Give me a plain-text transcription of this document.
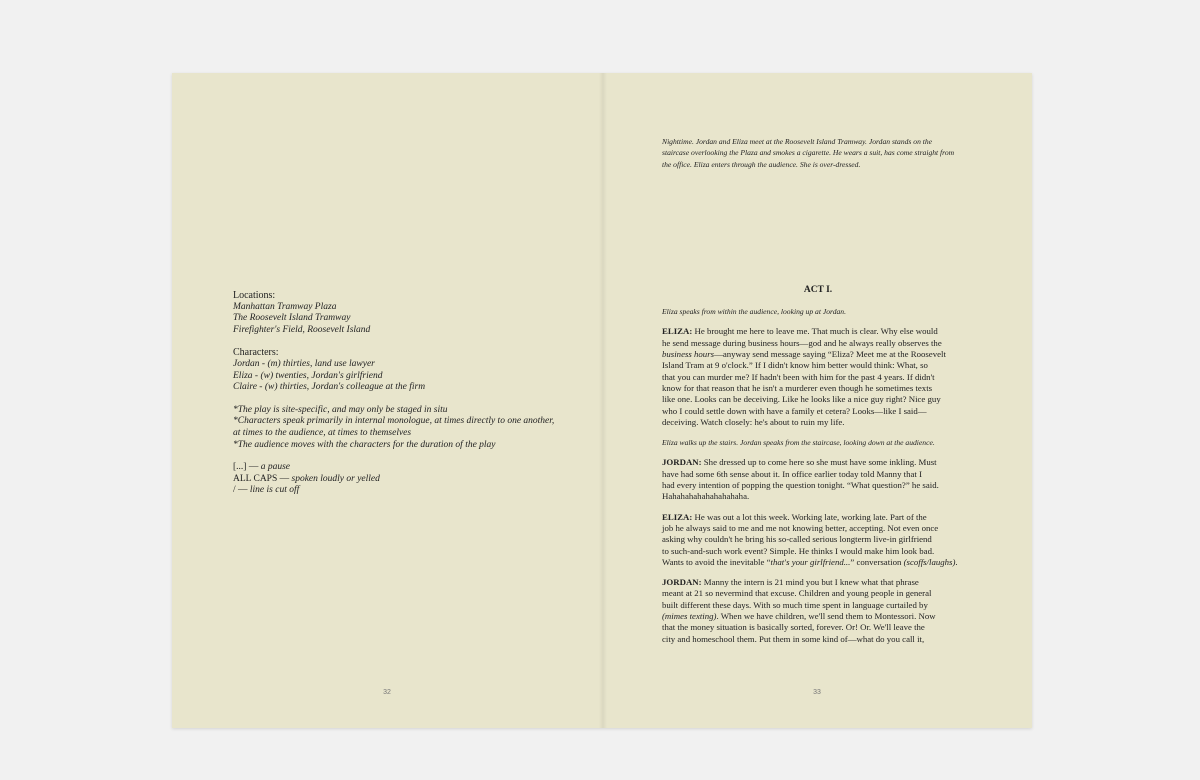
Locations:
Manhattan Tramway Plaza
The Roosevelt Island Tramway
Firefighter's Field, Roosevelt Island
Characters:
Jordan - (m) thirties, land use lawyer
Eliza - (w) twenties, Jordan's girlfriend
Claire - (w) thirties, Jordan's colleague at the firm
*The play is site-specific, and may only be staged in situ
*Characters speak primarily in internal monologue, at times directly to one another,
at times to the audience, at times to themselves
*The audience moves with the characters for the duration of the play
[...] — a pause
ALL CAPS — spoken loudly or yelled
/ — line is cut off
32
Nighttime. Jordan and Eliza meet at the Roosevelt Island Tramway. Jordan stands on the
staircase overlooking the Plaza and smokes a cigarette. He wears a suit, has come straight from
the office. Eliza enters through the audience. She is over-dressed.
ACT I.
Eliza speaks from within the audience, looking up at Jordan.
ELIZA: He brought me here to leave me. That much is clear. Why else would
he send message during business hours—god and he always really observes the
business hours—anyway send message saying “Eliza? Meet me at the Roosevelt
Island Tram at 9 o'clock.” If I didn't know him better would think: What, so
that you can murder me? If hadn't been with him for the past 4 years. If didn't
know for that reason that he isn't a murderer even though he sometimes texts
like one. Looks can be deceiving. Like he looks like a nice guy right? Nice guy
who I could settle down with have a family et cetera? Looks—like I said—
deceiving. Watch closely: he's about to ruin my life.
Eliza walks up the stairs. Jordan speaks from the staircase, looking down at the audience.
JORDAN: She dressed up to come here so she must have some inkling. Must
have had some 6th sense about it. In office earlier today told Manny that I
had every intention of popping the question tonight. “What question?” he said.
Hahahahahahahahahaha.
ELIZA: He was out a lot this week. Working late, working late. Part of the
job he always said to me and me not knowing better, accepting. Not even once
asking why couldn't he bring his so-called serious longterm live-in girlfriend
to such-and-such work event? Simple. He thinks I would make him look bad.
Wants to avoid the inevitable “that's your girlfriend...” conversation (scoffs/laughs).
JORDAN: Manny the intern is 21 mind you but I knew what that phrase
meant at 21 so nevermind that excuse. Children and young people in general
built different these days. With so much time spent in language curtailed by
(mimes texting). When we have children, we'll send them to Montessori. Now
that the money situation is basically sorted, forever. Or! Or. We'll leave the
city and homeschool them. Put them in some kind of—what do you call it,
33
